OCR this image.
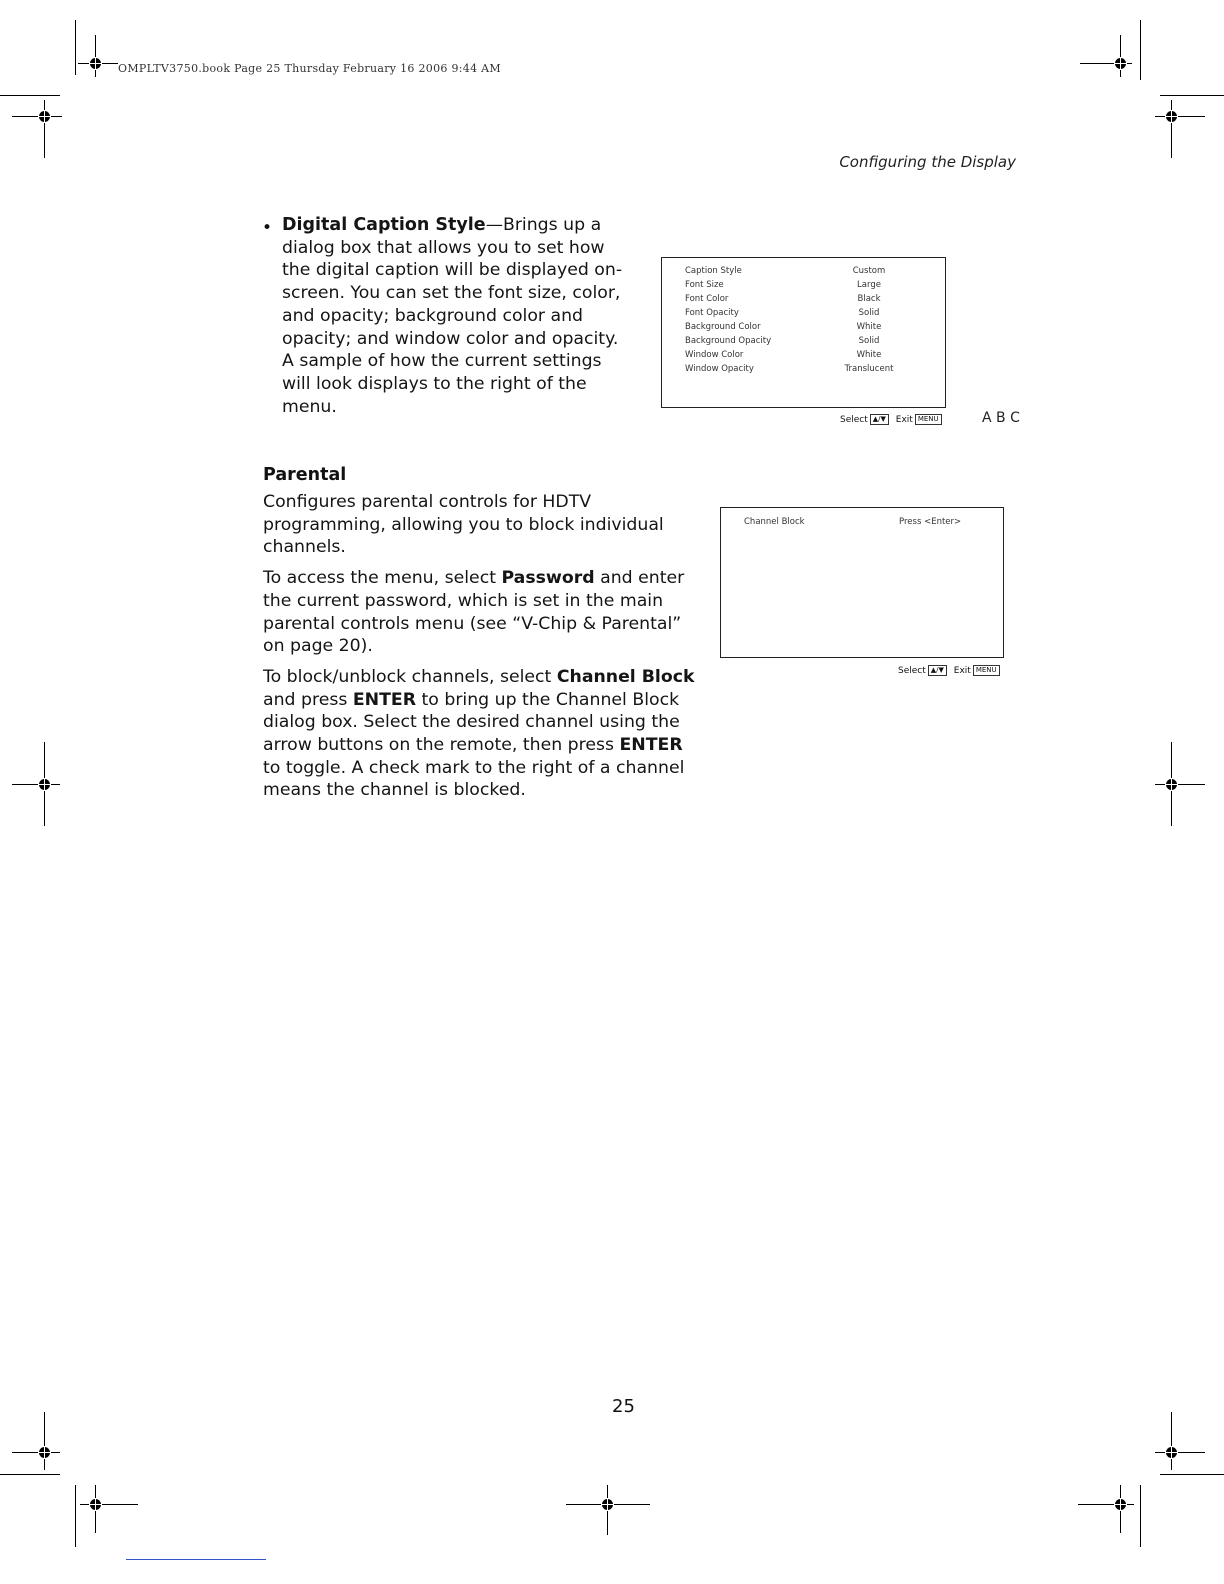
OMPLTV3750.book Page 25 Thursday February 16 2006 9:44 AM
Configuring the Display
• Digital Caption Style—Brings up a dialog box that allows you to set how the digital caption will be displayed on-screen. You can set the font size, color, and opacity; background color and opacity; and window color and opacity. A sample of how the current settings will look displays to the right of the menu.
Caption Style	Custom
Font Size	Large
Font Color	Black
Font Opacity	Solid
Background Color	White
Background Opacity	Solid
Window Color	White
Window Opacity	Translucent
Select ▲/▼ Exit MENU	A B C
Parental

Configures parental controls for HDTV programming, allowing you to block individual channels.

To access the menu, select Password and enter the current password, which is set in the main parental controls menu (see “V-Chip & Parental” on page 20).

To block/unblock channels, select Channel Block and press ENTER to bring up the Channel Block dialog box. Select the desired channel using the arrow buttons on the remote, then press ENTER to toggle. A check mark to the right of a channel means the channel is blocked.

Channel Block	Press <Enter>
Select ▲/▼ Exit MENU
25
